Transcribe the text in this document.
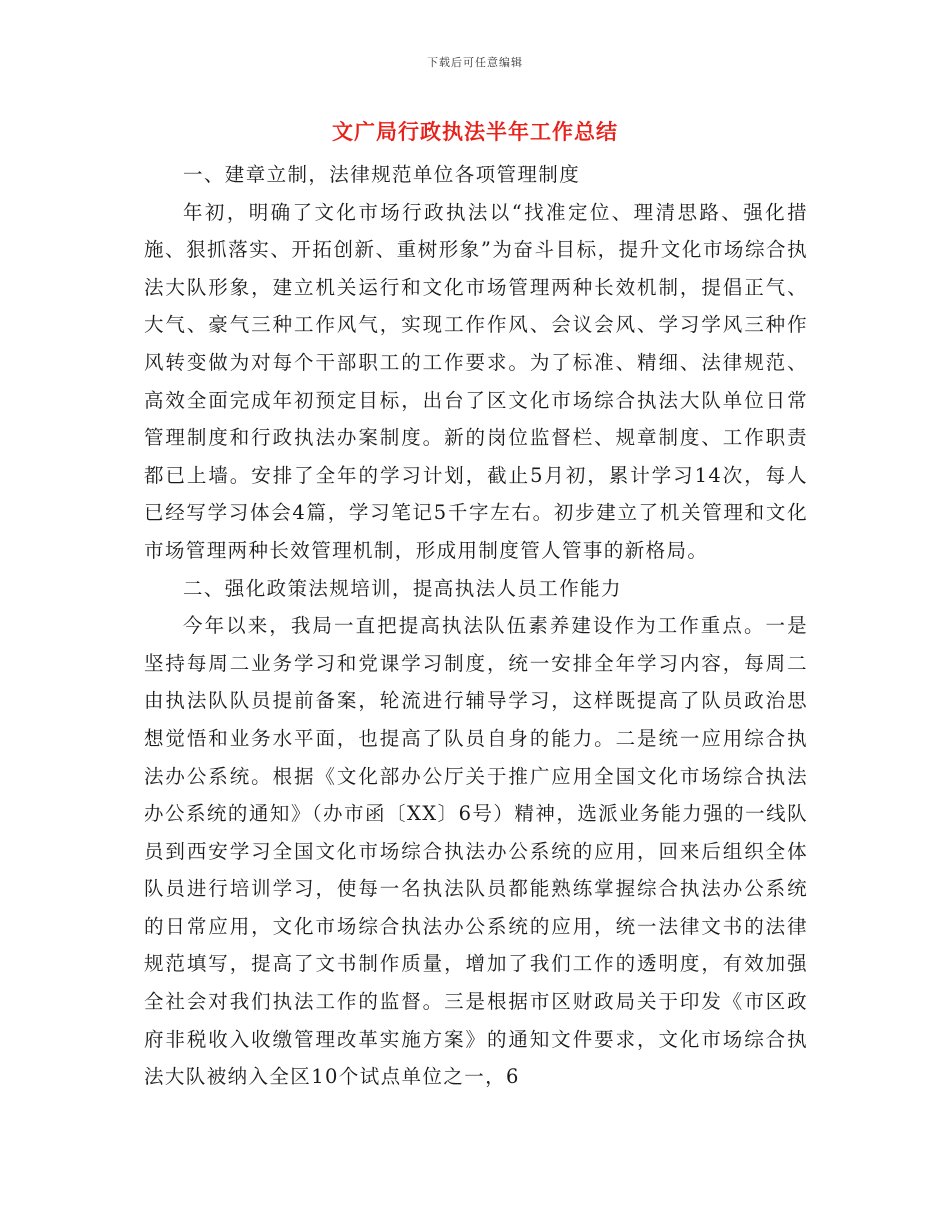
下载后可任意编辑
文广局行政执法半年工作总结

一、建章立制，法律规范单位各项管理制度

年初，明确了文化市场行政执法以“找准定位、理清思路、强化措施、狠抓落实、开拓创新、重树形象”为奋斗目标，提升文化市场综合执法大队形象，建立机关运行和文化市场管理两种长效机制，提倡正气、大气、豪气三种工作风气，实现工作作风、会议会风、学习学风三种作风转变做为对每个干部职工的工作要求。为了标准、精细、法律规范、高效全面完成年初预定目标，出台了区文化市场综合执法大队单位日常管理制度和行政执法办案制度。新的岗位监督栏、规章制度、工作职责都已上墙。安排了全年的学习计划，截止5月初，累计学习14次，每人已经写学习体会4篇，学习笔记5千字左右。初步建立了机关管理和文化市场管理两种长效管理机制，形成用制度管人管事的新格局。

二、强化政策法规培训，提高执法人员工作能力

今年以来，我局一直把提高执法队伍素养建设作为工作重点。一是坚持每周二业务学习和党课学习制度，统一安排全年学习内容，每周二由执法队队员提前备案，轮流进行辅导学习，这样既提高了队员政治思想觉悟和业务水平面，也提高了队员自身的能力。二是统一应用综合执法办公系统。根据《文化部办公厅关于推广应用全国文化市场综合执法办公系统的通知》（办市函〔XX〕6号）精神，选派业务能力强的一线队员到西安学习全国文化市场综合执法办公系统的应用，回来后组织全体队员进行培训学习，使每一名执法队员都能熟练掌握综合执法办公系统的日常应用，文化市场综合执法办公系统的应用，统一法律文书的法律规范填写，提高了文书制作质量，增加了我们工作的透明度，有效加强全社会对我们执法工作的监督。三是根据市区财政局关于印发《市区政府非税收入收缴管理改革实施方案》的通知文件要求，文化市场综合执法大队被纳入全区10个试点单位之一，6
